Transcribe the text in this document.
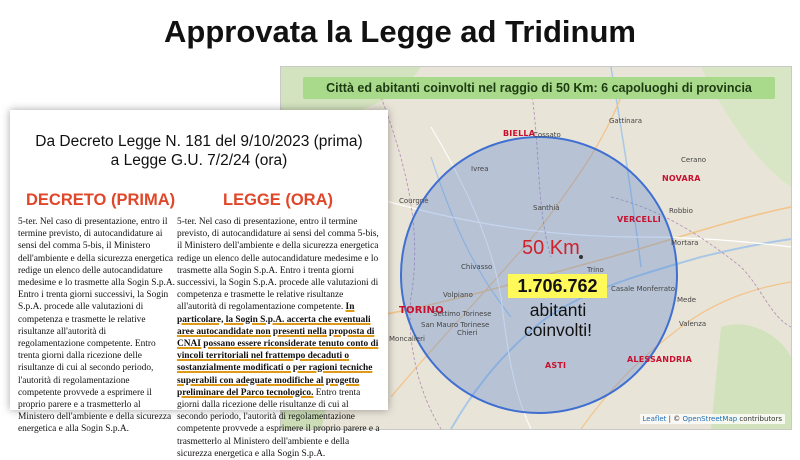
Approvata la Legge ad Tridinum
Città ed abitanti coinvolti nel raggio di 50 Km: 6 capoluoghi di provincia
Cossato
Gattinara
Ivrea
Santhià
Courgnè
Chivasso
Volpiano
Settimo Torinese
San Mauro Torinese
Chieri
Moncalieri
Trino
Casale Monferrato
Robbio
Mortara
Valenza
Mede
Cerano
BIELLA
NOVARA
VERCELLI
TORINO
ASTI
ALESSANDRIA
50 Km
1.706.762
abitanti coinvolti!
Leaflet | © OpenStreetMap contributors
Da Decreto Legge N. 181 del 9/10/2023 (prima)
a Legge G.U. 7/2/24 (ora)
DECRETO (PRIMA)	LEGGE (ORA)
5-ter. Nel caso di presentazione, entro il termine previsto, di autocandidature ai sensi del comma 5-bis, il Ministero dell'ambiente e della sicurezza energetica redige un elenco delle autocandidature medesime e lo trasmette alla Sogin S.p.A. Entro i trenta giorni successivi, la Sogin S.p.A. procede alle valutazioni di competenza e trasmette le relative risultanze all'autorità di regolamentazione competente. Entro trenta giorni dalla ricezione delle risultanze di cui al secondo periodo, l'autorità di regolamentazione competente provvede a esprimere il proprio parere e a trasmetterlo al Ministero dell'ambiente e della sicurezza energetica e alla Sogin S.p.A.
5-ter. Nel caso di presentazione, entro il termine previsto, di autocandidature ai sensi del comma 5-bis, il Ministero dell'ambiente e della sicurezza energetica redige un elenco delle autocandidature medesime e lo trasmette alla Sogin S.p.A. Entro i trenta giorni successivi, la Sogin S.p.A. procede alle valutazioni di competenza e trasmette le relative risultanze all'autorità di regolamentazione competente. In particolare, la Sogin S.p.A. accerta che eventuali aree autocandidate non presenti nella proposta di CNAI possano essere riconsiderate tenuto conto di vincoli territoriali nel frattempo decaduti o sostanzialmente modificati o per ragioni tecniche superabili con adeguate modifiche al progetto preliminare del Parco tecnologico. Entro trenta giorni dalla ricezione delle risultanze di cui al secondo periodo, l'autorità di regolamentazione competente provvede a esprimere il proprio parere e a trasmetterlo al Ministero dell'ambiente e della sicurezza energetica e alla Sogin S.p.A.
